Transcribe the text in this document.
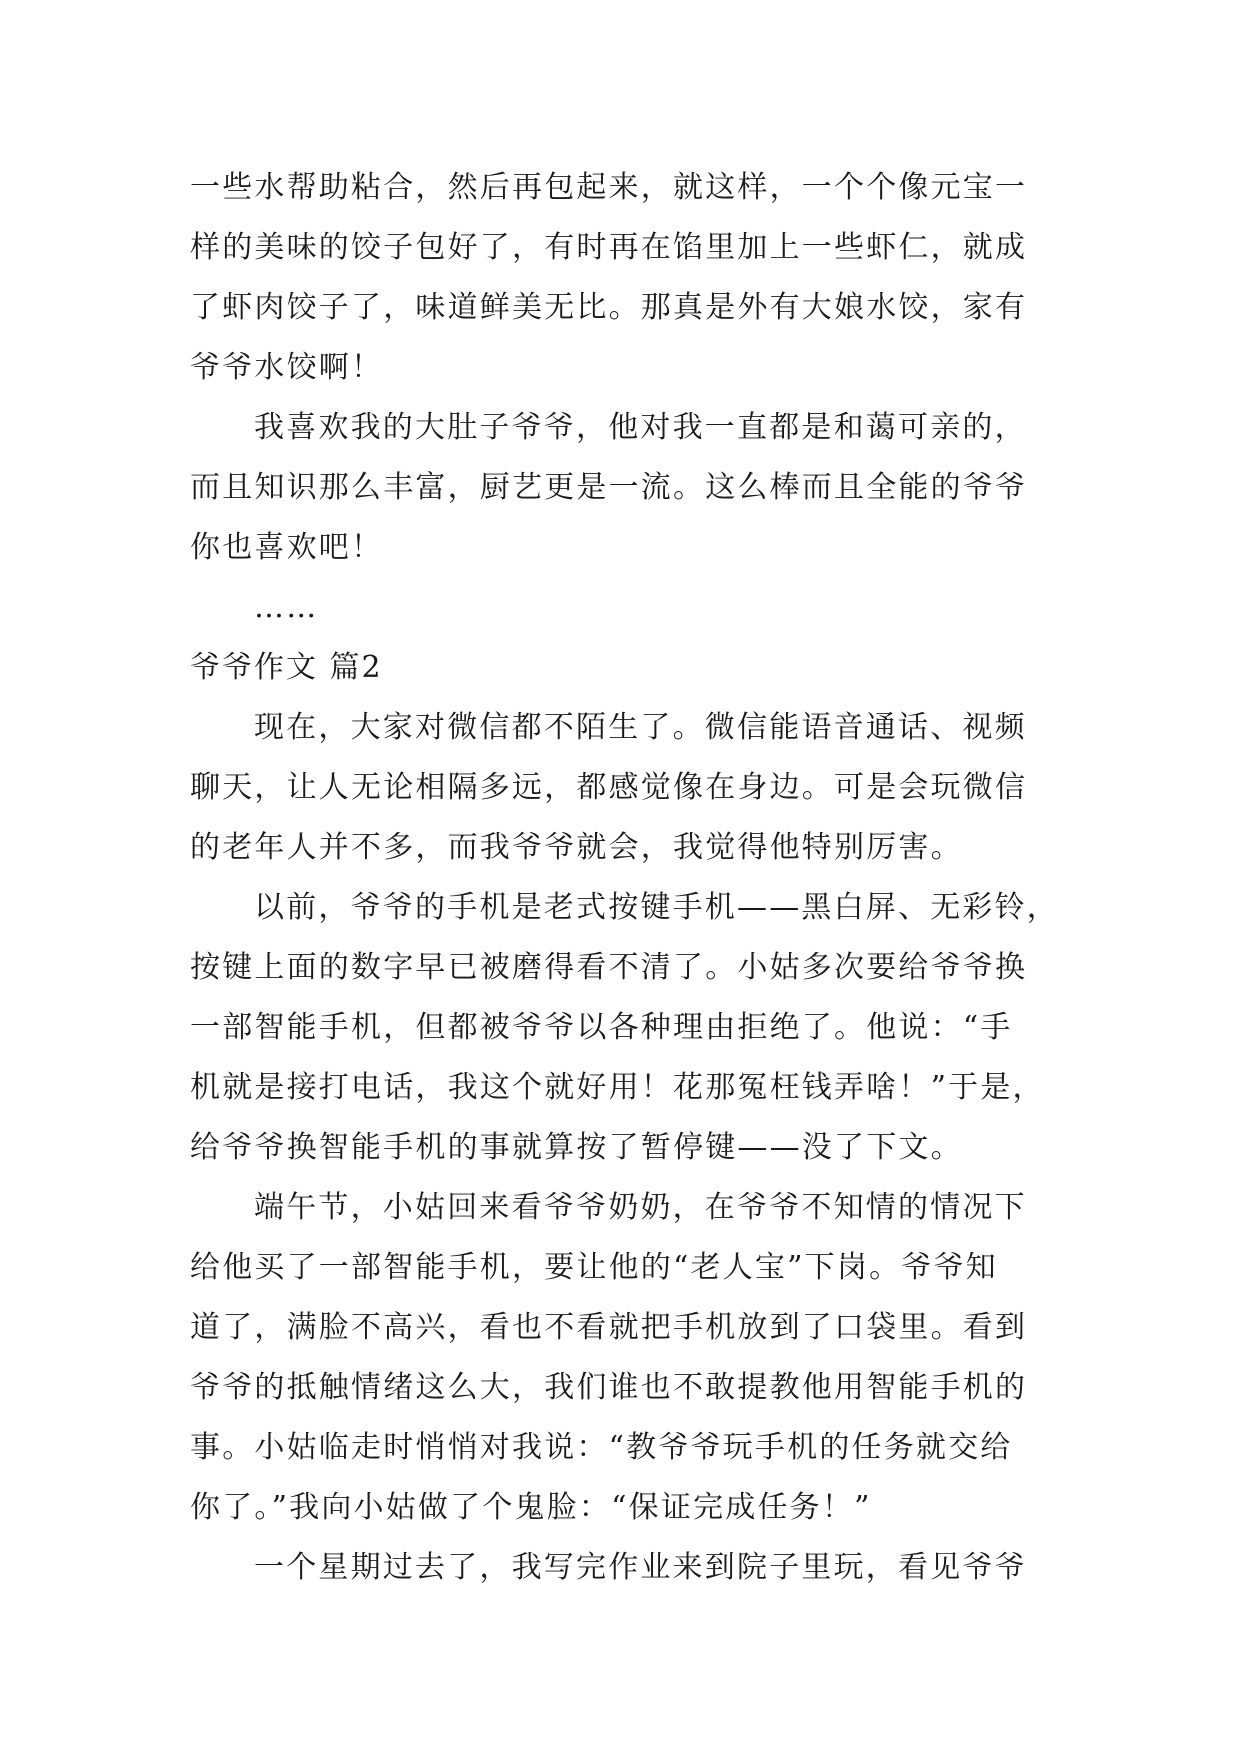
一些水帮助粘合，然后再包起来，就这样，一个个像元宝一
样的美味的饺子包好了，有时再在馅里加上一些虾仁，就成
了虾肉饺子了，味道鲜美无比。那真是外有大娘水饺，家有
爷爷水饺啊！
我喜欢我的大肚子爷爷，他对我一直都是和蔼可亲的，
而且知识那么丰富，厨艺更是一流。这么棒而且全能的爷爷
你也喜欢吧！
……
爷爷作文 篇2
现在，大家对微信都不陌生了。微信能语音通话、视频
聊天，让人无论相隔多远，都感觉像在身边。可是会玩微信
的老年人并不多，而我爷爷就会，我觉得他特别厉害。
以前，爷爷的手机是老式按键手机——黑白屏、无彩铃，
按键上面的数字早已被磨得看不清了。小姑多次要给爷爷换
一部智能手机，但都被爷爷以各种理由拒绝了。他说：“手
机就是接打电话，我这个就好用！花那冤枉钱弄啥！”于是，
给爷爷换智能手机的事就算按了暂停键——没了下文。
端午节，小姑回来看爷爷奶奶，在爷爷不知情的情况下
给他买了一部智能手机，要让他的“老人宝”下岗。爷爷知
道了，满脸不高兴，看也不看就把手机放到了口袋里。看到
爷爷的抵触情绪这么大，我们谁也不敢提教他用智能手机的
事。小姑临走时悄悄对我说：“教爷爷玩手机的任务就交给
你了。”我向小姑做了个鬼脸：“保证完成任务！”
一个星期过去了，我写完作业来到院子里玩，看见爷爷
